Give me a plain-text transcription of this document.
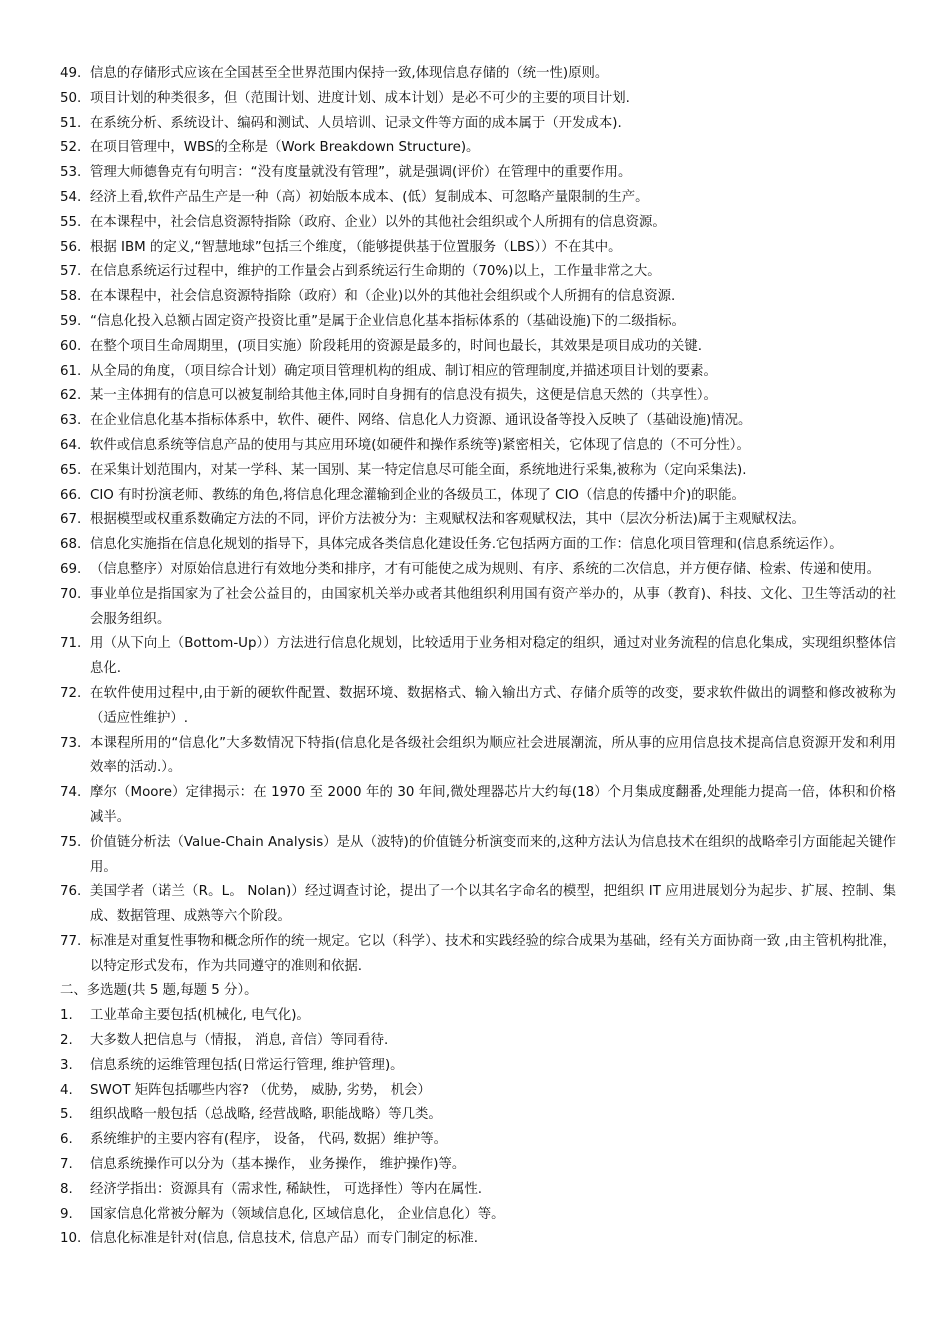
49. 信息的存储形式应该在全国甚至全世界范围内保持一致,体现信息存储的（统一性)原则。
50. 项目计划的种类很多，但（范围计划、进度计划、成本计划）是必不可少的主要的项目计划.
51. 在系统分析、系统设计、编码和测试、人员培训、记录文件等方面的成本属于（开发成本).
52. 在项目管理中，WBS的全称是（Work Breakdown Structure)。
53. 管理大师德鲁克有句明言：“没有度量就没有管理”，就是强调(评价）在管理中的重要作用。
54. 经济上看,软件产品生产是一种（高）初始版本成本、(低）复制成本、可忽略产量限制的生产。
55. 在本课程中，社会信息资源特指除（政府、企业）以外的其他社会组织或个人所拥有的信息资源。
56. 根据 IBM 的定义,“智慧地球”包括三个维度，（能够提供基于位置服务（LBS））不在其中。
57. 在信息系统运行过程中，维护的工作量会占到系统运行生命期的（70%)以上，工作量非常之大。
58. 在本课程中，社会信息资源特指除（政府）和（企业)以外的其他社会组织或个人所拥有的信息资源.
59. “信息化投入总额占固定资产投资比重”是属于企业信息化基本指标体系的（基础设施)下的二级指标。
60. 在整个项目生命周期里，(项目实施）阶段耗用的资源是最多的，时间也最长，其效果是项目成功的关键.
61. 从全局的角度，（项目综合计划）确定项目管理机构的组成、制订相应的管理制度,并描述项目计划的要素。
62. 某一主体拥有的信息可以被复制给其他主体,同时自身拥有的信息没有损失，这便是信息天然的（共享性）。
63. 在企业信息化基本指标体系中，软件、硬件、网络、信息化人力资源、通讯设备等投入反映了（基础设施)情况。
64. 软件或信息系统等信息产品的使用与其应用环境(如硬件和操作系统等)紧密相关，它体现了信息的（不可分性）。
65. 在采集计划范围内，对某一学科、某一国别、某一特定信息尽可能全面，系统地进行采集,被称为（定向采集法).
66. CIO 有时扮演老师、教练的角色,将信息化理念灌输到企业的各级员工，体现了 CIO（信息的传播中介)的职能。
67. 根据模型或权重系数确定方法的不同，评价方法被分为：主观赋权法和客观赋权法，其中（层次分析法)属于主观赋权法。
68. 信息化实施指在信息化规划的指导下，具体完成各类信息化建设任务.它包括两方面的工作：信息化项目管理和(信息系统运作）。
69. （信息整序）对原始信息进行有效地分类和排序，才有可能使之成为规则、有序、系统的二次信息，并方便存储、检索、传递和使用。
70. 事业单位是指国家为了社会公益目的，由国家机关举办或者其他组织利用国有资产举办的，从事（教育)、科技、文化、卫生等活动的社会服务组织。
71. 用（从下向上（Bottom-Up））方法进行信息化规划，比较适用于业务相对稳定的组织，通过对业务流程的信息化集成，实现组织整体信息化.
72. 在软件使用过程中,由于新的硬软件配置、数据环境、数据格式、输入输出方式、存储介质等的改变，要求软件做出的调整和修改被称为（适应性维护）.
73. 本课程所用的“信息化”大多数情况下特指(信息化是各级社会组织为顺应社会进展潮流，所从事的应用信息技术提高信息资源开发和利用效率的活动.）。
74. 摩尔（Moore）定律揭示：在 1970 至 2000 年的 30 年间,微处理器芯片大约每(18）个月集成度翻番,处理能力提高一倍，体积和价格减半。
75. 价值链分析法（Value-Chain Analysis）是从（波特)的价值链分析演变而来的,这种方法认为信息技术在组织的战略牵引方面能起关键作用。
76. 美国学者（诺兰（R。L。 Nolan)）经过调查讨论，提出了一个以其名字命名的模型，把组织 IT 应用进展划分为起步、扩展、控制、集成、数据管理、成熟等六个阶段。
77. 标准是对重复性事物和概念所作的统一规定。它以（科学）、技术和实践经验的综合成果为基础，经有关方面协商一致 ,由主管机构批准，以特定形式发布，作为共同遵守的准则和依据.
二、多选题(共 5 题,每题 5 分）。
1.	工业革命主要包括(机械化, 电气化)。
2.	大多数人把信息与（情报， 消息, 音信）等同看待.
3.	信息系统的运维管理包括(日常运行管理, 维护管理)。
4.	SWOT 矩阵包括哪些内容? （优势， 威胁, 劣势， 机会）
5.	组织战略一般包括（总战略, 经营战略, 职能战略）等几类。
6.	系统维护的主要内容有(程序， 设备， 代码, 数据）维护等。
7.	信息系统操作可以分为（基本操作， 业务操作， 维护操作)等。
8.	经济学指出：资源具有（需求性, 稀缺性， 可选择性）等内在属性.
9.	国家信息化常被分解为（领域信息化, 区域信息化， 企业信息化）等。
10. 信息化标准是针对(信息, 信息技术, 信息产品）而专门制定的标准.
